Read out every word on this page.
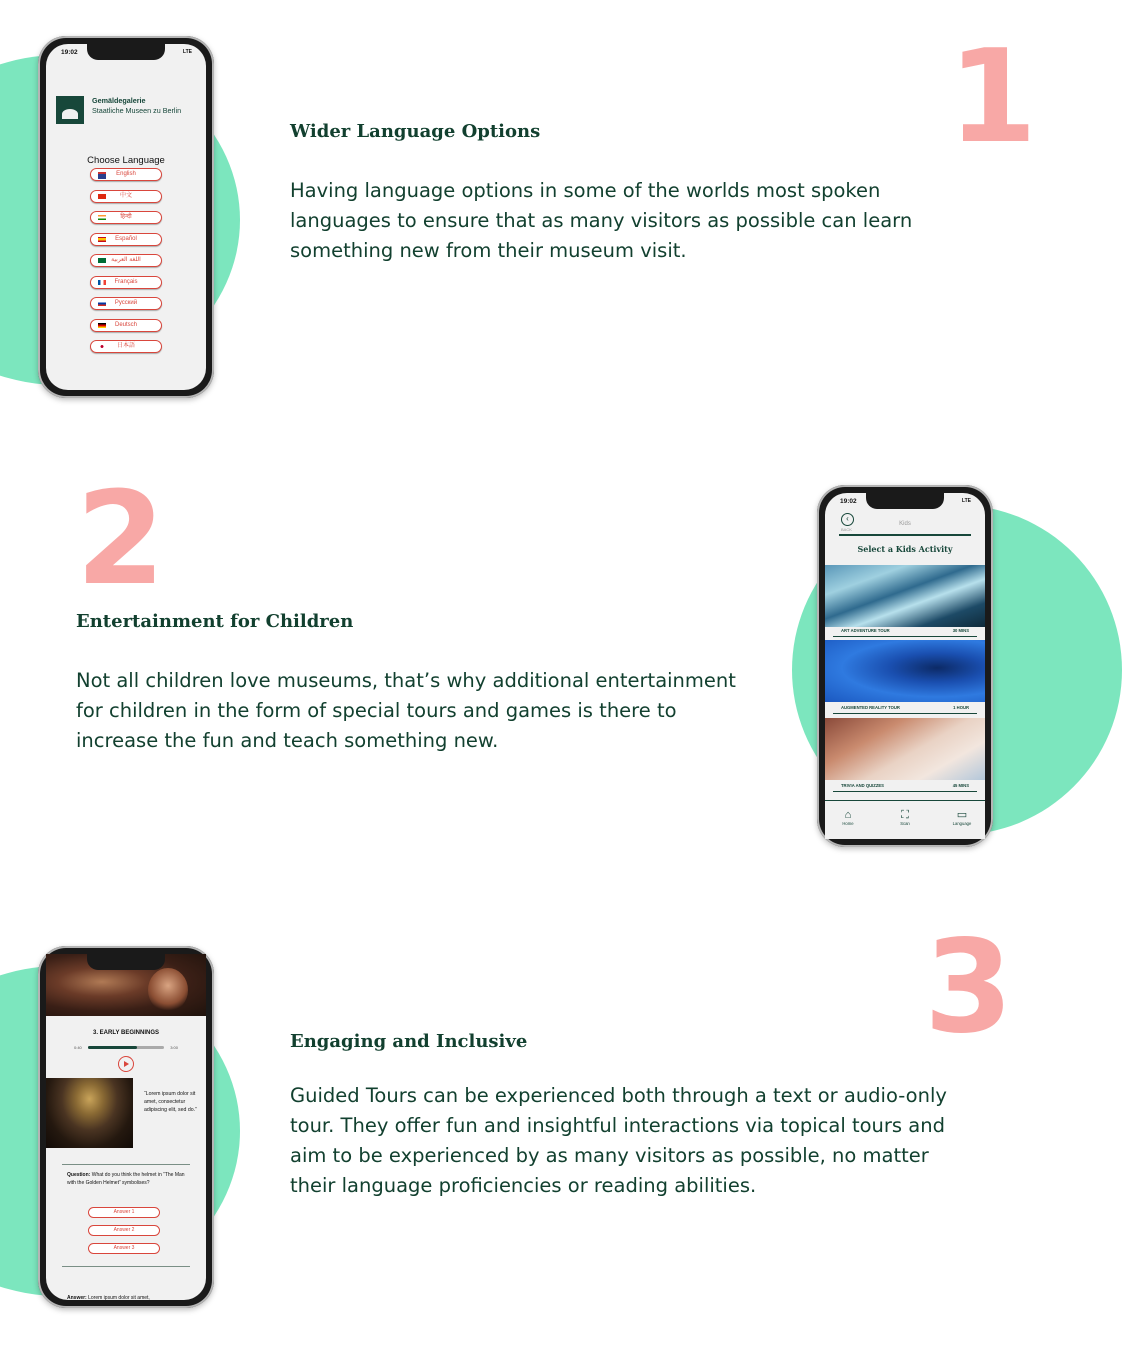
1
Wider Language Options
Having language options in some of the worlds most spoken languages to ensure that as many visitors as possible can learn something new from their museum visit.
2
Entertainment for Children
Not all children love museums, that’s why additional entertainment for children in the form of special tours and games is there to increase the fun and teach something new.
3
Engaging and Inclusive
Guided Tours can be experienced both through a text or audio-only tour. They offer fun and insightful interactions via topical tours and aim to be experienced by as many visitors as possible, no matter their language proficiencies or reading abilities.
19:02	LTE
Gemäldegalerie
Staatliche Museen zu Berlin
Choose Language
English
中文
हिन्दी
Español
اللغة العربية
Français
Русский
Deutsch
日本語
19:02	LTE
‹
BACK
Kids
Select a Kids Activity
ART ADVENTURE TOUR	30 MINS
AUGMENTED REALITY TOUR	1 HOUR
TRIVIA AND QUIZZES	45 MINS
⌂
Home
⛶
Scan
▭
Language
3. EARLY BEGINNINGS
0:40	3:00
“Lorem ipsum dolor sit amet, consectetur adipiscing elit, sed do.”
Question: What do you think the helmet in “The Man with the Golden Helmet” symbolises?
Answer 1
Answer 2
Answer 3
Answer: Lorem ipsum dolor sit amet,
